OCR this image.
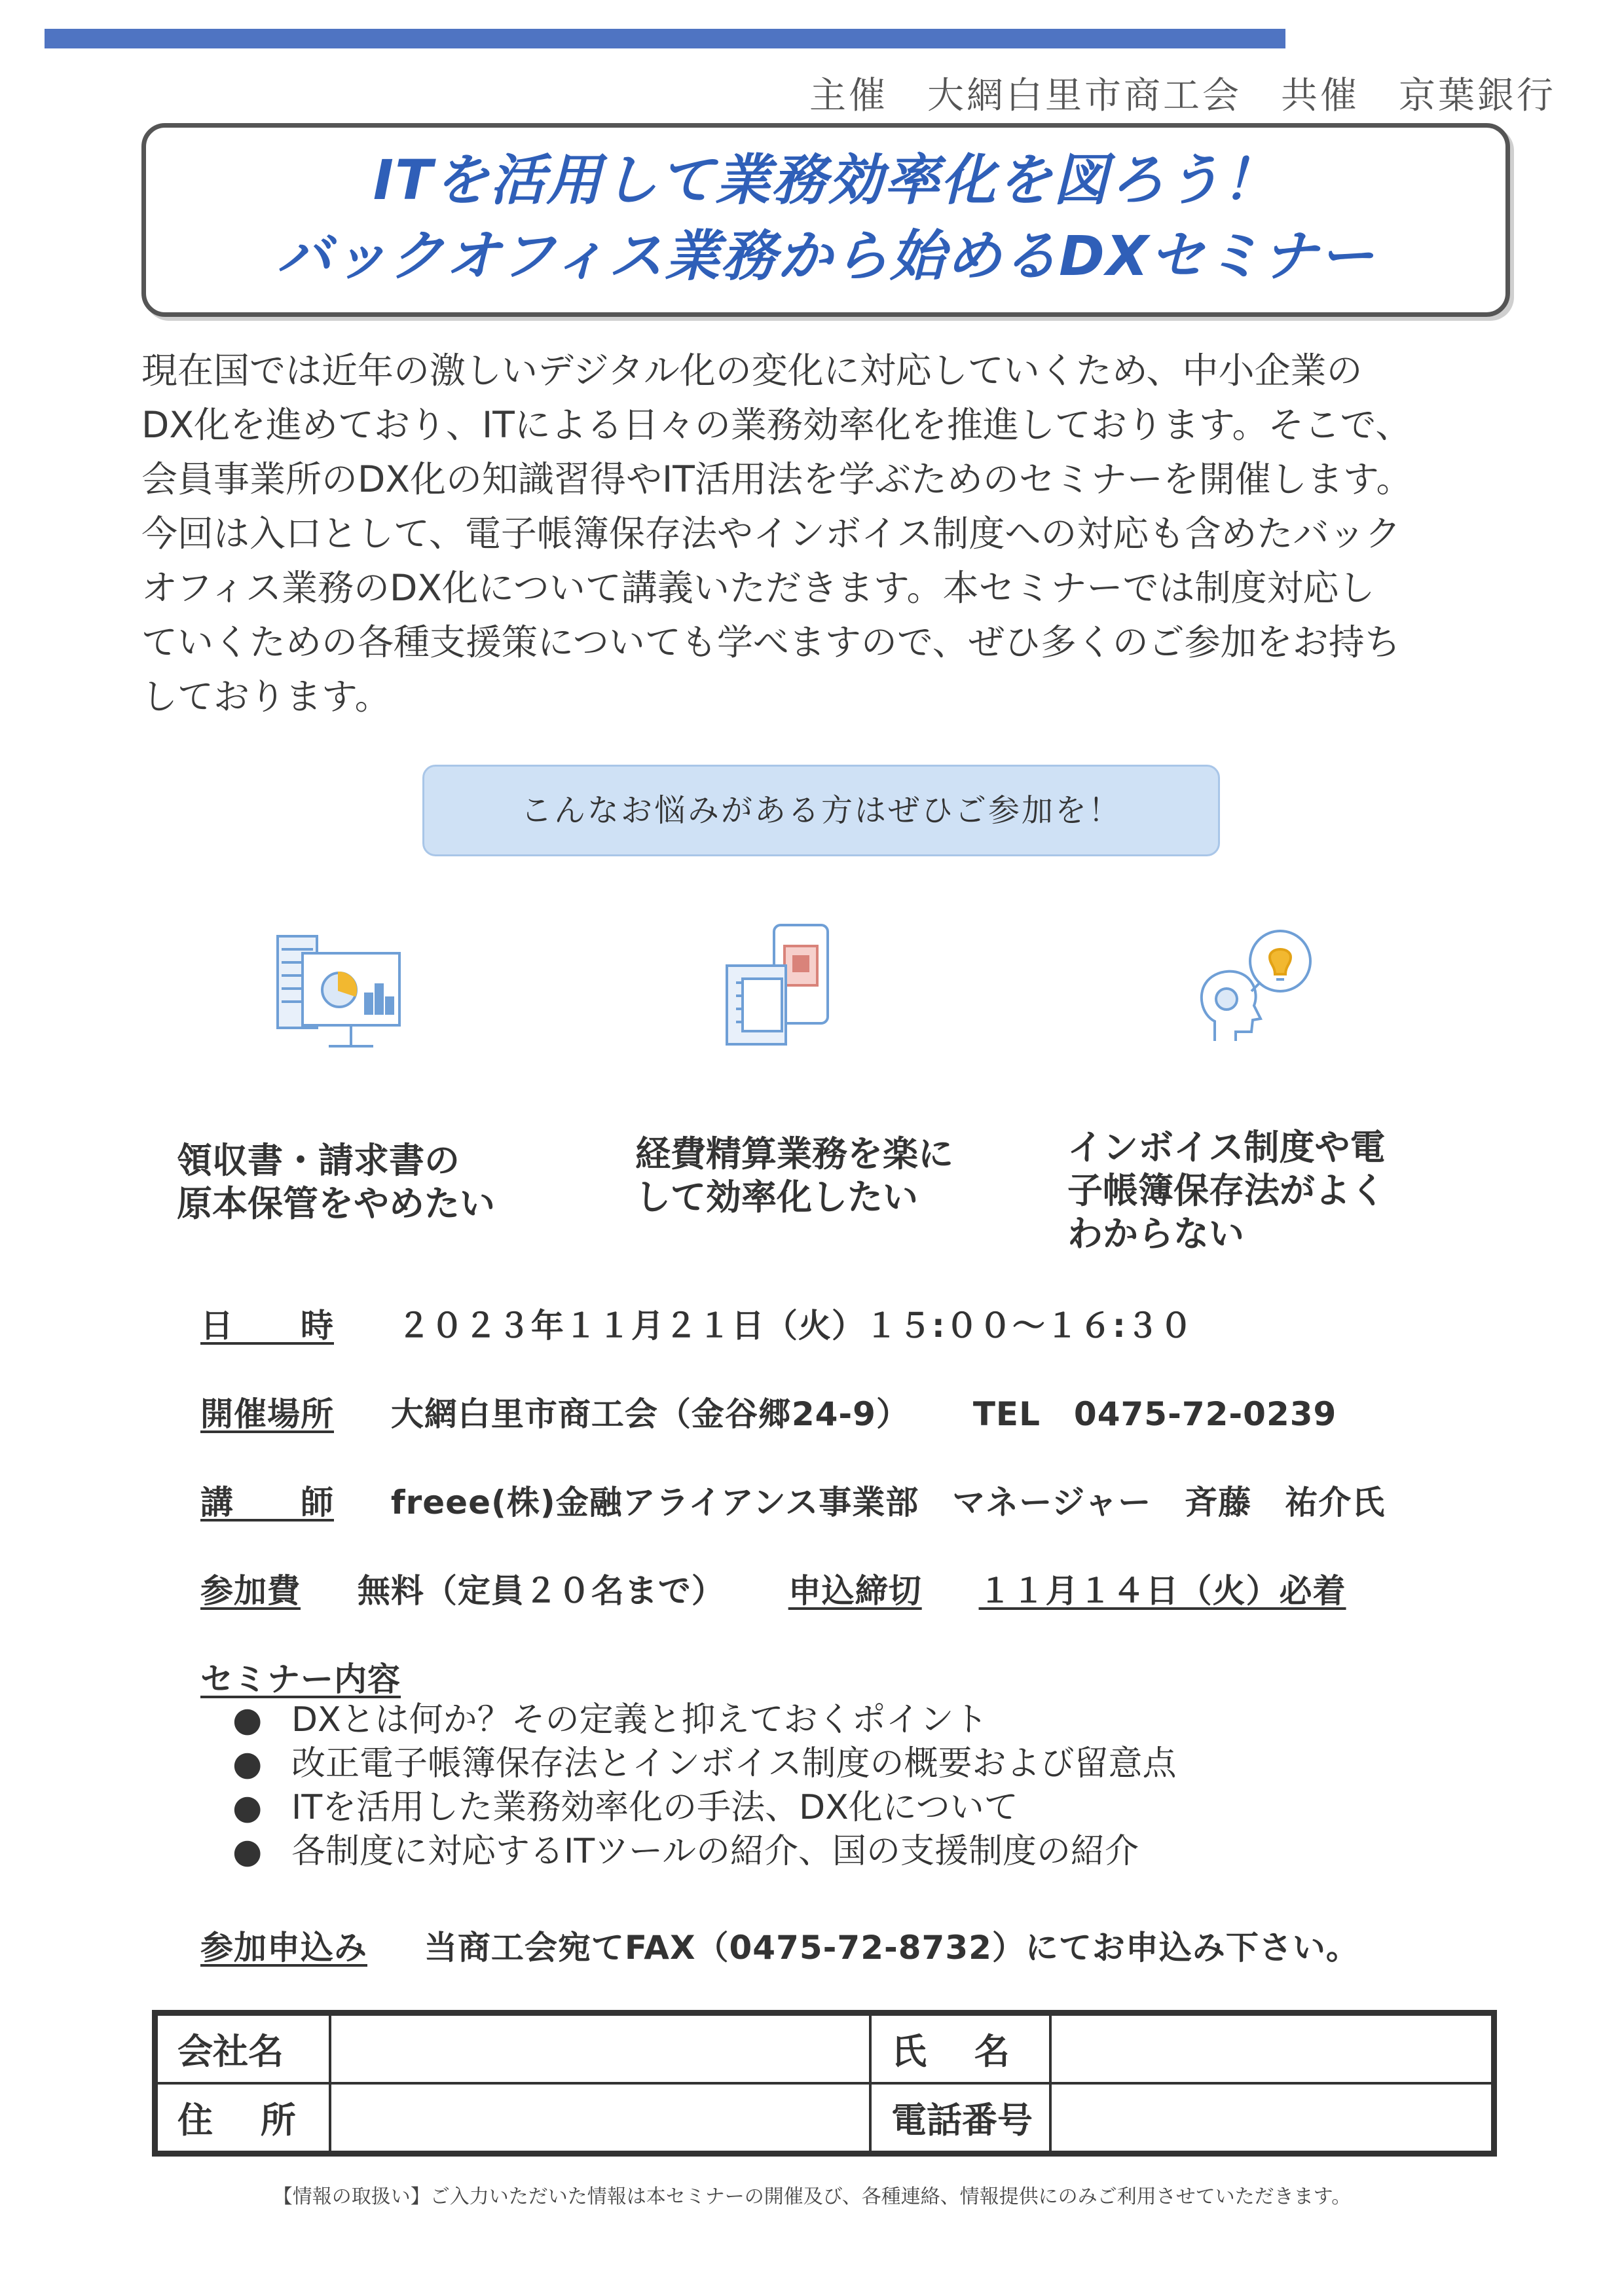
主催　大網白里市商工会　共催　京葉銀行
ITを活用して業務効率化を図ろう！
バックオフィス業務から始めるDXセミナー
現在国では近年の激しいデジタル化の変化に対応していくため、中小企業の
DX化を進めており、ITによる日々の業務効率化を推進しております。そこで、
会員事業所のDX化の知識習得やIT活用法を学ぶためのセミナーを開催します。
今回は入口として、電子帳簿保存法やインボイス制度への対応も含めたバック
オフィス業務のDX化について講義いただきます。本セミナーでは制度対応し
ていくための各種支援策についても学べますので、ぜひ多くのご参加をお持ち
しております。
こんなお悩みがある方はぜひご参加を！
領収書・請求書の
原本保管をやめたい
経費精算業務を楽に
して効率化したい
インボイス制度や電
子帳簿保存法がよく
わからない
日　　時 ２０２３年１１月２１日（火）１５:００～１６:３０
開催場所 大網白里市商工会（金谷郷24-9） TEL　0475-72-0239
講　　師 freee(株)金融アライアンス事業部　マネージャー　斉藤　祐介氏
参加費 無料（定員２０名まで） 申込締切 １１月１４日（火）必着
セミナー内容
● DXとは何か？その定義と抑えておくポイント
● 改正電子帳簿保存法とインボイス制度の概要および留意点
● ITを活用した業務効率化の手法、DX化について
● 各制度に対応するITツールの紹介、国の支援制度の紹介
参加申込み 当商工会宛てFAX（0475-72-8732）にてお申込み下さい。
会社名		氏　 名	
住　 所		電話番号	
【情報の取扱い】ご入力いただいた情報は本セミナーの開催及び、各種連絡、情報提供にのみご利用させていただきます。
